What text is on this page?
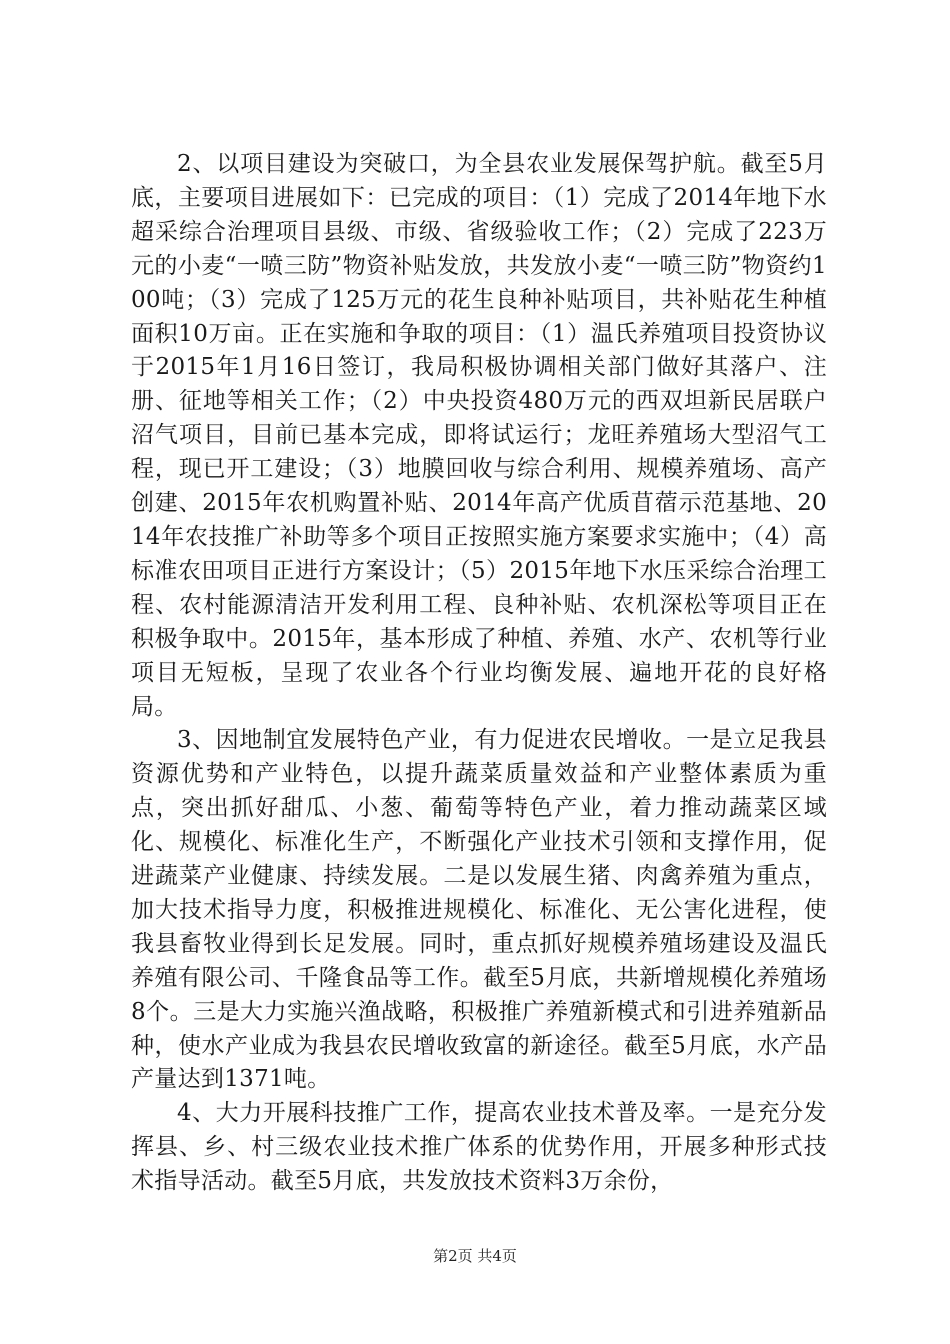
2、以项目建设为突破口，为全县农业发展保驾护航。截至5月底，主要项目进展如下：已完成的项目：（1）完成了2014年地下水超采综合治理项目县级、市级、省级验收工作；（2）完成了223万元的小麦“一喷三防”物资补贴发放，共发放小麦“一喷三防”物资约100吨；（3）完成了125万元的花生良种补贴项目，共补贴花生种植面积10万亩。正在实施和争取的项目：（1）温氏养殖项目投资协议于2015年1月16日签订，我局积极协调相关部门做好其落户、注册、征地等相关工作；（2）中央投资480万元的西双坦新民居联户沼气项目，目前已基本完成，即将试运行；龙旺养殖场大型沼气工程，现已开工建设；（3）地膜回收与综合利用、规模养殖场、高产创建、2015年农机购置补贴、2014年高产优质苜蓿示范基地、2014年农技推广补助等多个项目正按照实施方案要求实施中；（4）高标准农田项目正进行方案设计；（5）2015年地下水压采综合治理工程、农村能源清洁开发利用工程、良种补贴、农机深松等项目正在积极争取中。2015年，基本形成了种植、养殖、水产、农机等行业项目无短板，呈现了农业各个行业均衡发展、遍地开花的良好格局。

3、因地制宜发展特色产业，有力促进农民增收。一是立足我县资源优势和产业特色，以提升蔬菜质量效益和产业整体素质为重点，突出抓好甜瓜、小葱、葡萄等特色产业，着力推动蔬菜区域化、规模化、标准化生产，不断强化产业技术引领和支撑作用，促进蔬菜产业健康、持续发展。二是以发展生猪、肉禽养殖为重点，加大技术指导力度，积极推进规模化、标准化、无公害化进程，使我县畜牧业得到长足发展。同时，重点抓好规模养殖场建设及温氏养殖有限公司、千隆食品等工作。截至5月底，共新增规模化养殖场8个。三是大力实施兴渔战略，积极推广养殖新模式和引进养殖新品种，使水产业成为我县农民增收致富的新途径。截至5月底，水产品产量达到1371吨。

4、大力开展科技推广工作，提高农业技术普及率。一是充分发挥县、乡、村三级农业技术推广体系的优势作用，开展多种形式技术指导活动。截至5月底，共发放技术资料3万余份，

第2页 共4页
